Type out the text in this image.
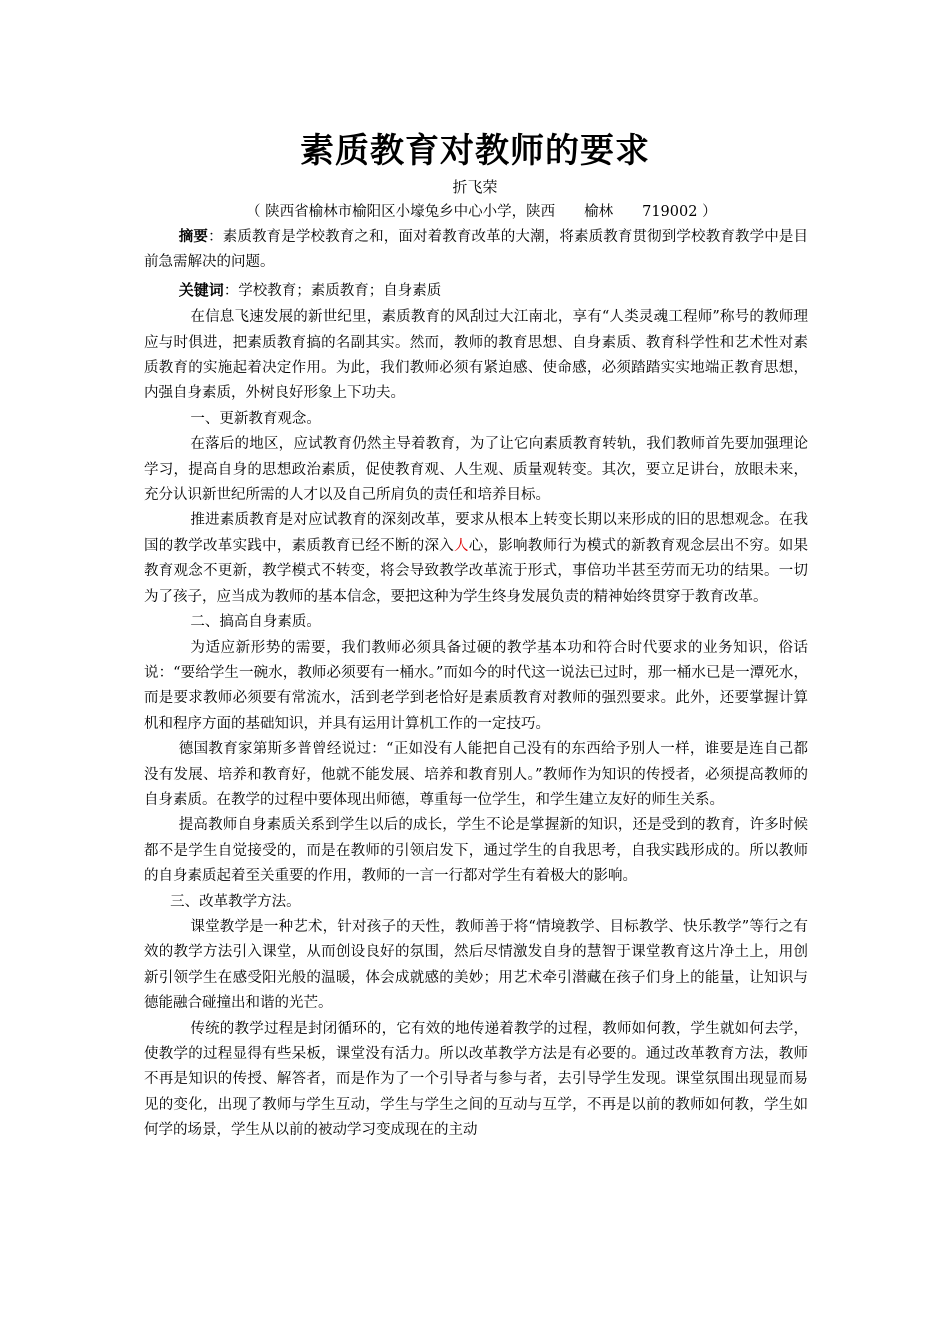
素质教育对教师的要求
折飞荣
（ 陕西省榆林市榆阳区小壕兔乡中心小学，陕西　　榆林　　719002 ）

摘要：素质教育是学校教育之和，面对着教育改革的大潮，将素质教育贯彻到学校教育教学中是目前急需解决的问题。

关键词：学校教育；素质教育；自身素质

在信息飞速发展的新世纪里，素质教育的风刮过大江南北，享有“人类灵魂工程师”称号的教师理应与时俱进，把素质教育搞的名副其实。然而，教师的教育思想、自身素质、教育科学性和艺术性对素质教育的实施起着决定作用。为此，我们教师必须有紧迫感、使命感，必须踏踏实实地端正教育思想，内强自身素质，外树良好形象上下功夫。

一、更新教育观念。

在落后的地区，应试教育仍然主导着教育，为了让它向素质教育转轨，我们教师首先要加强理论学习，提高自身的思想政治素质，促使教育观、人生观、质量观转变。其次，要立足讲台，放眼未来，充分认识新世纪所需的人才以及自己所肩负的责任和培养目标。

推进素质教育是对应试教育的深刻改革，要求从根本上转变长期以来形成的旧的思想观念。在我国的教学改革实践中，素质教育已经不断的深入人心，影响教师行为模式的新教育观念层出不穷。如果教育观念不更新，教学模式不转变，将会导致教学改革流于形式，事倍功半甚至劳而无功的结果。一切为了孩子，应当成为教师的基本信念，要把这种为学生终身发展负责的精神始终贯穿于教育改革。

二、搞高自身素质。

为适应新形势的需要，我们教师必须具备过硬的教学基本功和符合时代要求的业务知识，俗话说：“要给学生一碗水，教师必须要有一桶水。”而如今的时代这一说法已过时，那一桶水已是一潭死水，而是要求教师必须要有常流水，活到老学到老恰好是素质教育对教师的强烈要求。此外，还要掌握计算机和程序方面的基础知识，并具有运用计算机工作的一定技巧。

德国教育家第斯多普曾经说过：“正如没有人能把自己没有的东西给予别人一样，谁要是连自己都没有发展、培养和教育好，他就不能发展、培养和教育别人。”教师作为知识的传授者，必须提高教师的自身素质。在教学的过程中要体现出师德，尊重每一位学生，和学生建立友好的师生关系。

提高教师自身素质关系到学生以后的成长，学生不论是掌握新的知识，还是受到的教育，许多时候都不是学生自觉接受的，而是在教师的引领启发下，通过学生的自我思考，自我实践形成的。所以教师的自身素质起着至关重要的作用，教师的一言一行都对学生有着极大的影响。

三、改革教学方法。

课堂教学是一种艺术，针对孩子的天性，教师善于将“情境教学、目标教学、快乐教学”等行之有效的教学方法引入课堂，从而创设良好的氛围，然后尽情激发自身的慧智于课堂教育这片净土上，用创新引领学生在感受阳光般的温暖，体会成就感的美妙；用艺术牵引潜藏在孩子们身上的能量，让知识与德能融合碰撞出和谐的光芒。

传统的教学过程是封闭循环的，它有效的地传递着教学的过程，教师如何教，学生就如何去学，使教学的过程显得有些呆板，课堂没有活力。所以改革教学方法是有必要的。通过改革教育方法，教师不再是知识的传授、解答者，而是作为了一个引导者与参与者，去引导学生发现。课堂氛围出现显而易见的变化，出现了教师与学生互动，学生与学生之间的互动与互学，不再是以前的教师如何教，学生如何学的场景，学生从以前的被动学习变成现在的主动
